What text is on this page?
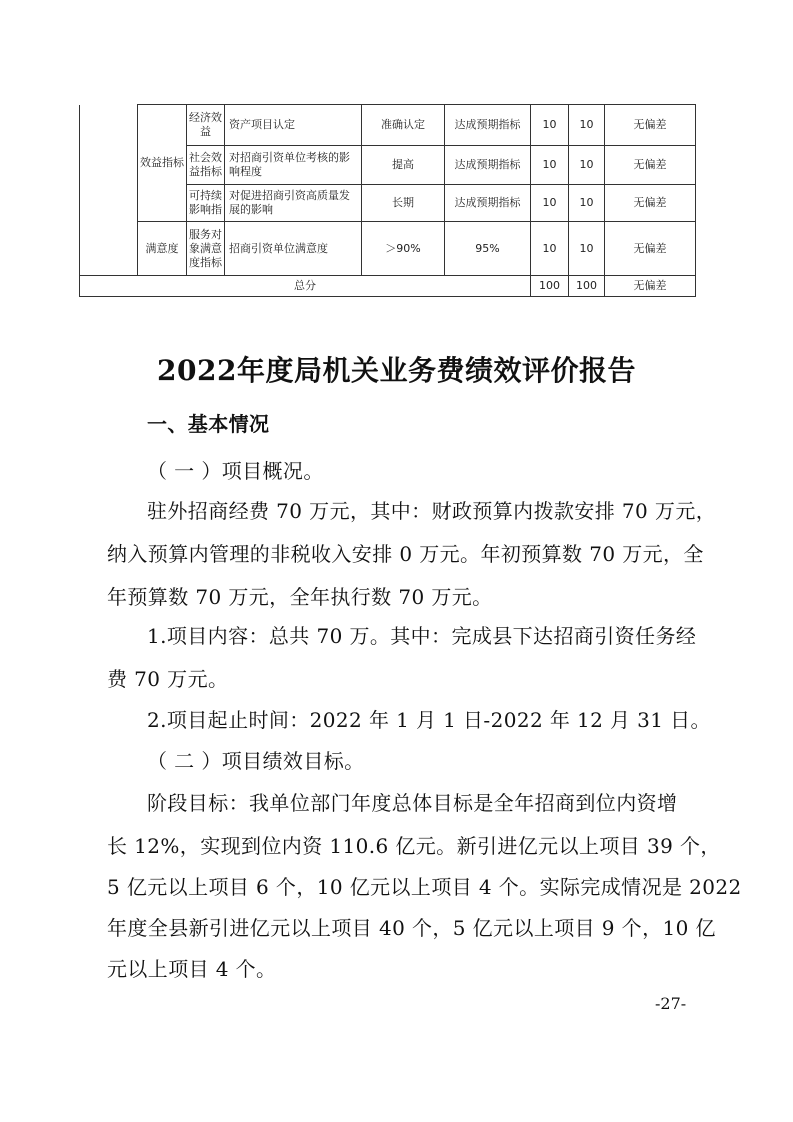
	效益指标	经济效益	资产项目认定	准确认定	达成预期指标	10	10	无偏差
		社会效益指标	对招商引资单位考核的影响程度	提高	达成预期指标	10	10	无偏差
		可持续影响指	对促进招商引资高质量发展的影响	长期	达成预期指标	10	10	无偏差
	满意度	服务对象满意度指标	招商引资单位满意度	＞90%	95%	10	10	无偏差
总分						100	100	无偏差
2022年度局机关业务费绩效评价报告
一、基本情况
（ 一 ）项目概况。
驻外招商经费 70 万元，其中：财政预算内拨款安排 70 万元，
纳入预算内管理的非税收入安排 0 万元。年初预算数 70 万元，全
年预算数 70 万元，全年执行数 70 万元。
1.项目内容：总共 70 万。其中：完成县下达招商引资任务经
费 70 万元。
2.项目起止时间：2022 年 1 月 1 日-2022 年 12 月 31 日。
（ 二 ）项目绩效目标。
阶段目标：我单位部门年度总体目标是全年招商到位内资增
长 12%，实现到位内资 110.6 亿元。新引进亿元以上项目 39 个，
5 亿元以上项目 6 个，10 亿元以上项目 4 个。实际完成情况是 2022
年度全县新引进亿元以上项目 40 个，5 亿元以上项目 9 个，10 亿
元以上项目 4 个。
-27-
